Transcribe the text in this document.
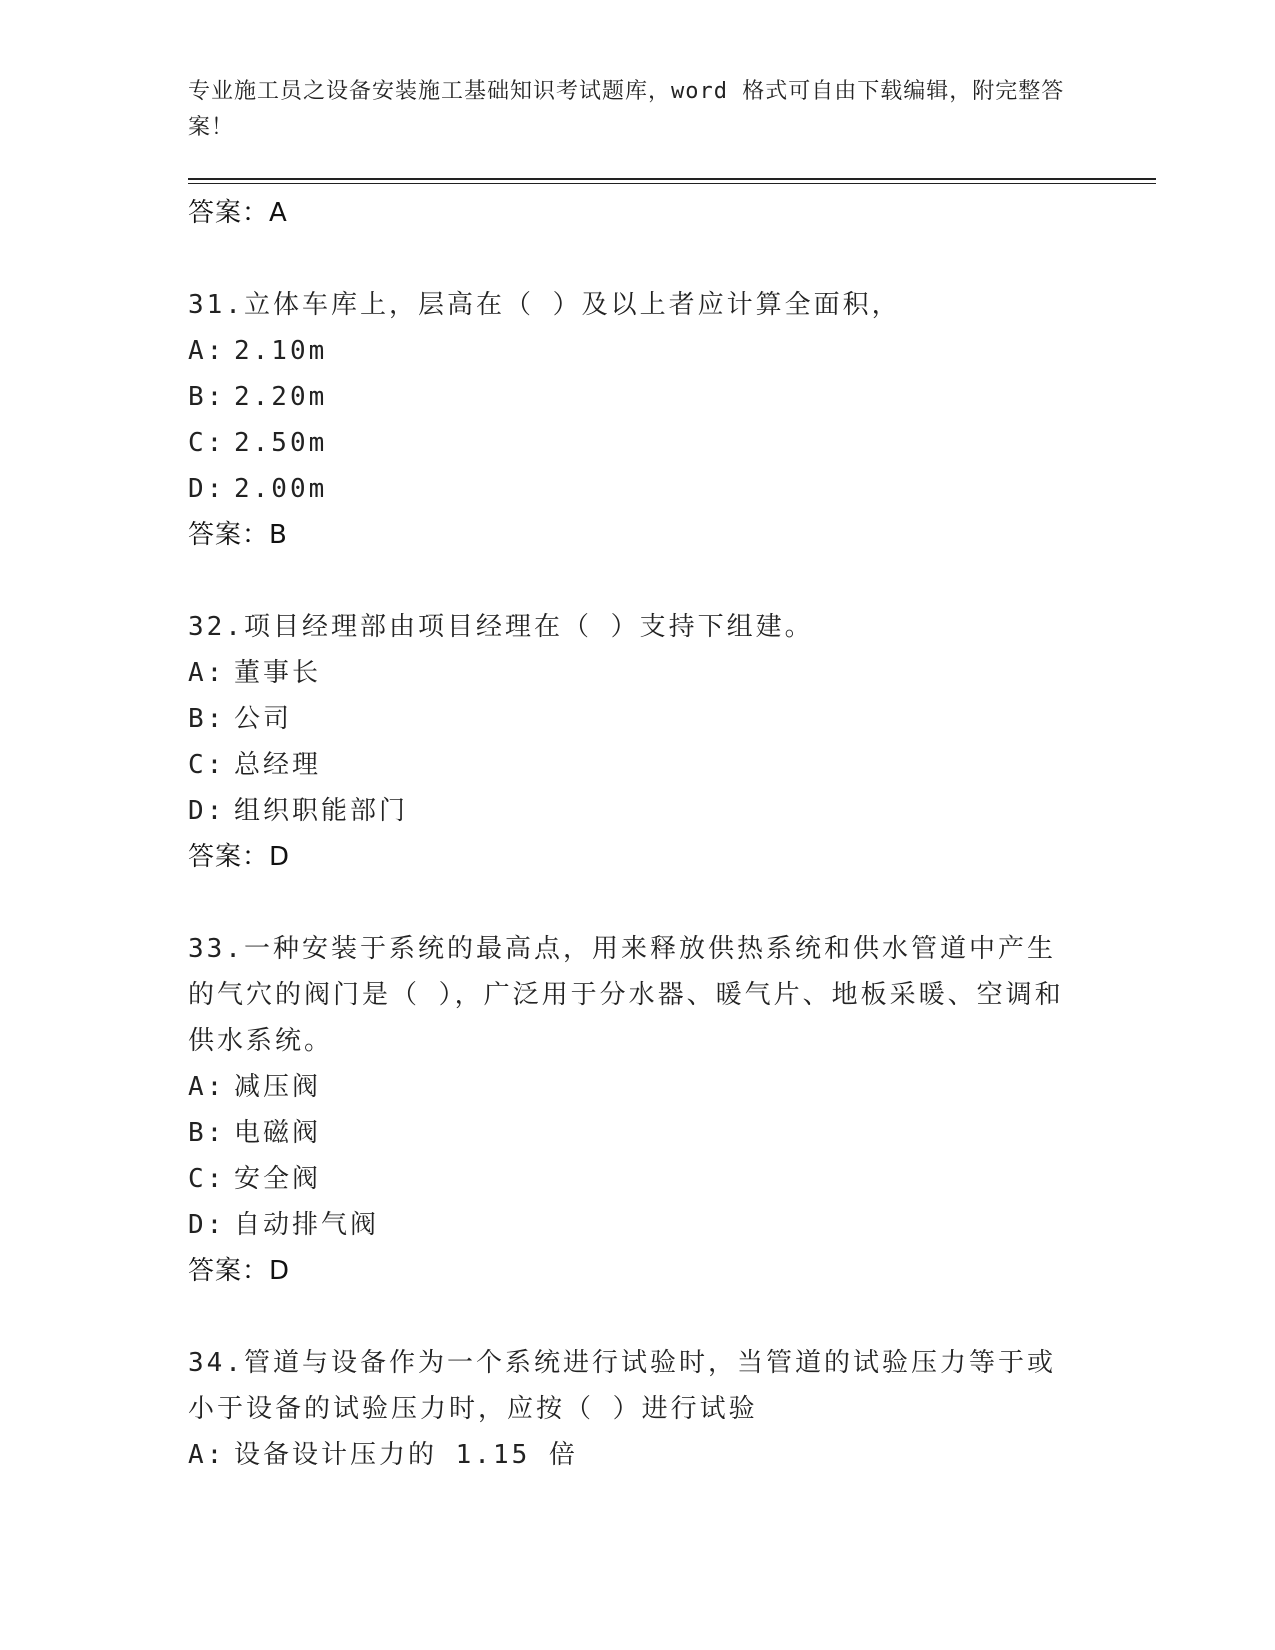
专业施工员之设备安装施工基础知识考试题库，word 格式可自由下载编辑，附完整答案！
答案：A

31.立体车库上，层高在（ ）及以上者应计算全面积，

A: 2.10m
B: 2.20m
C: 2.50m
D: 2.00m
答案：B

32.项目经理部由项目经理在（ ）支持下组建。

A: 董事长
B: 公司
C: 总经理
D: 组织职能部门
答案：D

33.一种安装于系统的最高点，用来释放供热系统和供水管道中产生的气穴的阀门是（ ），广泛用于分水器、暖气片、地板采暖、空调和供水系统。

A: 减压阀
B: 电磁阀
C: 安全阀
D: 自动排气阀
答案：D

34.管道与设备作为一个系统进行试验时，当管道的试验压力等于或小于设备的试验压力时，应按（ ）进行试验

A: 设备设计压力的 1.15 倍
